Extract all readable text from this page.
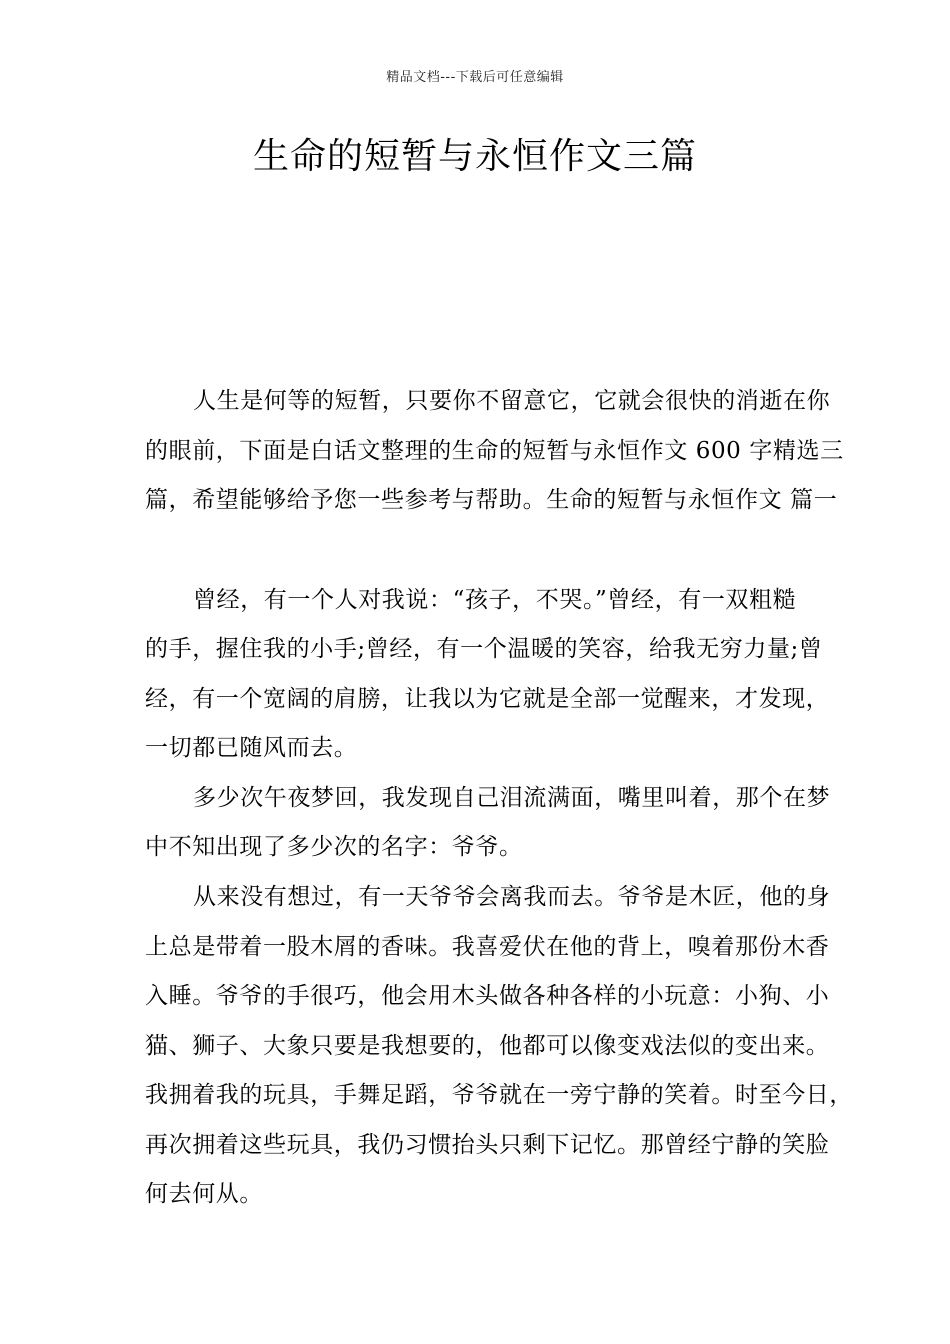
精品文档---下载后可任意编辑
生命的短暂与永恒作文三篇
人生是何等的短暂，只要你不留意它，它就会很快的消逝在你
的眼前，下面是白话文整理的生命的短暂与永恒作文 600 字精选三
篇，希望能够给予您一些参考与帮助。生命的短暂与永恒作文 篇一
曾经，有一个人对我说：“孩子，不哭。”曾经，有一双粗糙
的手，握住我的小手;曾经，有一个温暖的笑容，给我无穷力量;曾
经，有一个宽阔的肩膀，让我以为它就是全部一觉醒来，才发现，
一切都已随风而去。
多少次午夜梦回，我发现自己泪流满面，嘴里叫着，那个在梦
中不知出现了多少次的名字：爷爷。
从来没有想过，有一天爷爷会离我而去。爷爷是木匠，他的身
上总是带着一股木屑的香味。我喜爱伏在他的背上，嗅着那份木香
入睡。爷爷的手很巧，他会用木头做各种各样的小玩意：小狗、小
猫、狮子、大象只要是我想要的，他都可以像变戏法似的变出来。
我拥着我的玩具，手舞足蹈，爷爷就在一旁宁静的笑着。时至今日，
再次拥着这些玩具，我仍习惯抬头只剩下记忆。那曾经宁静的笑脸
何去何从。
